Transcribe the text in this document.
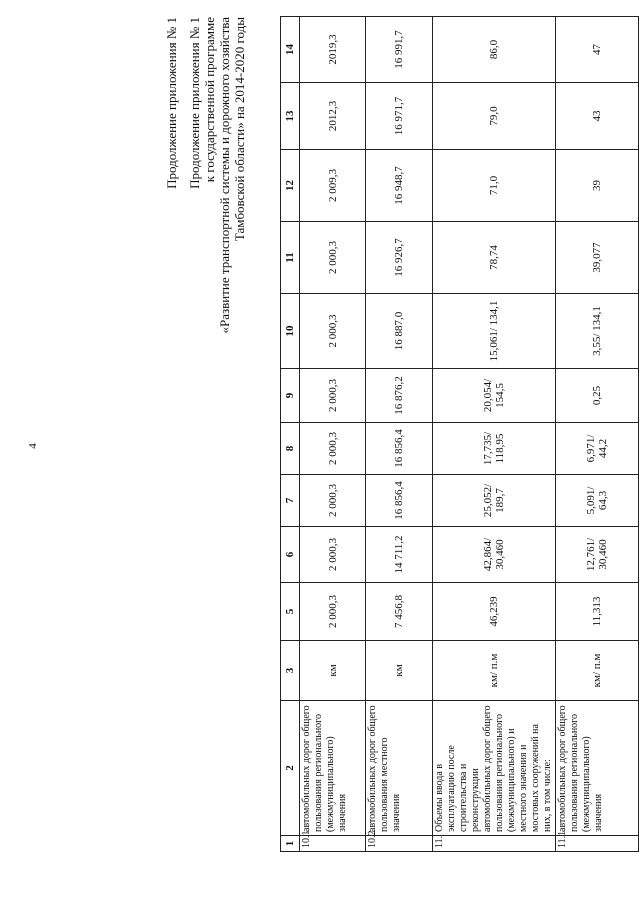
4
Продолжение приложения № 1 Продолжение приложения № 1 к государственной программе «Развитие транспортной системы и дорожного хозяйства Тамбовской области» на 2014-2020 годы
1	2	3	5	6	7	8	9	10	11	12	13	14
10.1	автомобильных дорог общего пользования регионального (межмуниципального) значения	км	2 000,3	2 000,3	2 000,3	2 000,3	2 000,3	2 000,3	2 000,3	2 009,3	2012,3	2019,3
10.2	автомобильных дорог общего пользования местного значения	км	7 456,8	14 711,2	16 856,4	16 856,4	16 876,2	16 887,0	16 926,7	16 948,7	16 971,7	16 991,7
11.	Объемы ввода в эксплуатацию после строительства и реконструкции автомобильных дорог общего пользования регионального (межмуниципального) и местного значения и мостовых сооружений на них, в том числе:	км/ п.м	46,239	42,864/ 30,460	25,052/ 189,7	17,735/ 118,95	20,054/ 154,5	15,061/ 134,1	78,74	71,0	79,0	86,0
11.1	автомобильных дорог общего пользования регионального (межмуниципального) значения	км/ п.м	11,313	12,761/ 30,460	5,091/ 64,3	6,971/ 44,2	0,25	3,55/ 134,1	39,077	39	43	47
